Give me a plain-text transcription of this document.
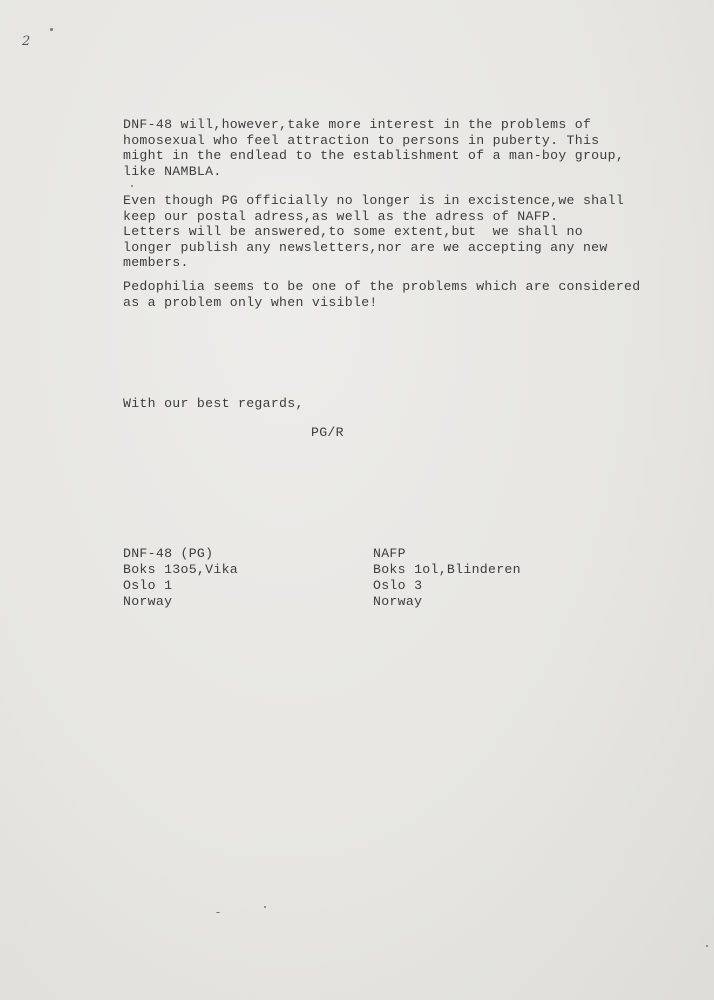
2
DNF-48 will,however,take more interest in the problems of
homosexual who feel attraction to persons in puberty. This
might in the endlead to the establishment of a man-boy group,
like NAMBLA.
Even though PG officially no longer is in excistence,we shall
keep our postal adress,as well as the adress of NAFP.
Letters will be answered,to some extent,but  we shall no
longer publish any newsletters,nor are we accepting any new
members.
Pedophilia seems to be one of the problems which are considered
as a problem only when visible!
With our best regards,
PG/R
DNF-48 (PG)
Boks 13o5,Vika
Oslo 1
Norway
NAFP
Boks 1ol,Blinderen
Oslo 3
Norway
